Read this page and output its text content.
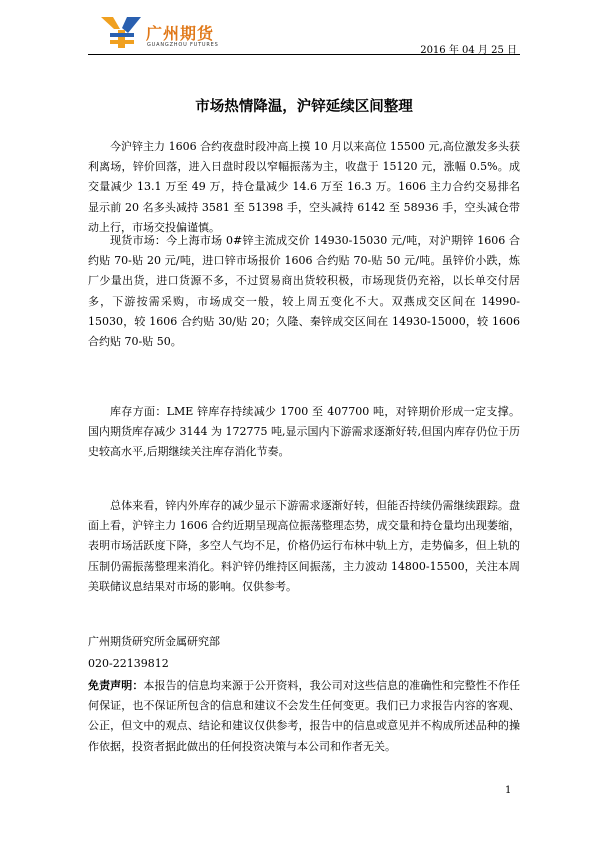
广州期货
GUANGZHOU FUTURES	2016 年 04 月 25 日
市场热情降温，沪锌延续区间整理

今沪锌主力 1606 合约夜盘时段冲高上摸 10 月以来高位 15500 元,高位激发多头获利离场，锌价回落，进入日盘时段以窄幅振荡为主，收盘于 15120 元，涨幅 0.5%。成交量减少 13.1 万至 49 万，持仓量减少 14.6 万至 16.3 万。1606 主力合约交易排名显示前 20 名多头减持 3581 至 51398 手，空头减持 6142 至 58936 手，空头减仓带动上行，市场交投偏谨慎。

现货市场：今上海市场 0#锌主流成交价 14930-15030 元/吨，对沪期锌 1606 合约贴 70-贴 20 元/吨，进口锌市场报价 1606 合约贴 70-贴 50 元/吨。虽锌价小跌，炼厂少量出货，进口货源不多，不过贸易商出货较积极，市场现货仍充裕，以长单交付居多，下游按需采购，市场成交一般，较上周五变化不大。双燕成交区间在 14990-15030，较 1606 合约贴 30/贴 20；久隆、秦锌成交区间在 14930-15000，较 1606 合约贴 70-贴 50。

库存方面：LME 锌库存持续减少 1700 至 407700 吨，对锌期价形成一定支撑。国内期货库存减少 3144 为 172775 吨,显示国内下游需求逐渐好转,但国内库存仍位于历史较高水平,后期继续关注库存消化节奏。

总体来看，锌内外库存的减少显示下游需求逐渐好转，但能否持续仍需继续跟踪。盘面上看，沪锌主力 1606 合约近期呈现高位振荡整理态势，成交量和持仓量均出现萎缩，表明市场活跃度下降，多空人气均不足，价格仍运行布林中轨上方，走势偏多，但上轨的压制仍需振荡整理来消化。料沪锌仍维持区间振荡，主力波动 14800-15500，关注本周美联储议息结果对市场的影响。仅供参考。

广州期货研究所金属研究部

020-22139812

免责声明：本报告的信息均来源于公开资料，我公司对这些信息的准确性和完整性不作任何保证，也不保证所包含的信息和建议不会发生任何变更。我们已力求报告内容的客观、公正，但文中的观点、结论和建议仅供参考，报告中的信息或意见并不构成所述品种的操作依据，投资者据此做出的任何投资决策与本公司和作者无关。

1
